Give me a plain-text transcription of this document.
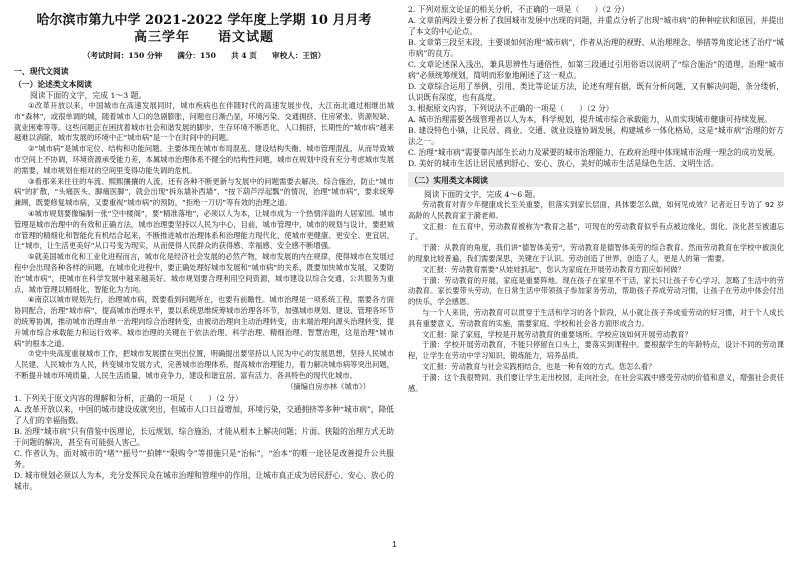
哈尔滨市第九中学 2021-2022 学年度上学期 10 月月考
高三学年　　语文试题
（考试时间：150 分钟　　满分：150　　共 4 页　　审校人：王馆）
一、现代文阅读
（一）论述类文本阅读
阅读下面的文字，完成 1～3 题。

①改革开放以来，中国城市在高速发展同时，城市疾病也在伴随时代的高速发展步伐，大江南北通过相继出城市“森林”，或很单调的城，随着城市人口的急剧膨胀，问题也日渐凸显，环境污染、交通拥挤、住房紧张、资源短缺、就业困难等等。这些问题正在困扰着城市社会和谐发展的脚步，生存环境不断恶化，人口拥挤，长期性的“城市病”越来越难以消除，城市发展的环境中正“城市病”是一个在时间中的问题。

②“城市病”是城市定位、结构和功能问题。主要体现在城市布局混乱、建设结构失衡、城市管理混乱，从而导致城市空间上不协调，环境资源承受能力差，本属城市治理体系不健全的结构性问题，城市在规划中没有充分考虑城市发展的需要，城市规划在相对的空间里变得功能失调的危机。

③看那来来往往的车流、熙熙攘攘的人流，还有各种不断更新与发展中的问题需要去解决。综合施治，防止“城市病”的扩散，“头痛医头、脚痛医脚”，就会出现“拆东墙补西墙”、“按下葫芦浮起瓢”的情况，治理“城市病”，要求统筹兼顾，既要修复城市病，又要重视“城市病”的预防，“拒绝一刀切”等有效的治理之道。

④城市规划要像编制一张“空中楼阁”，要“精准落地”，必须以人为本，让城市成为一个热情洋溢的人居家园。城市管理是城市治理中的有效和正确方法，城市治理要坚持以人民为中心，目前，城市管理中，城市的规划与设计，要把城市管理的精细化和智能化有机结合起来，不断推进城市治理体系和治理能力现代化，使城市更健康、更安全、更宜居，让“城市，让生活更美好”从口号变为现实，从而使得人民群众的获得感、幸福感、安全感不断增强。

⑤就美国城市化和工业化进程而言，城市化是经济社会发展的必然产物，城市发展的内在规律，使得城市在发展过程中会出现各种各样的问题，在城市化进程中，要正确处理好城市发展和“城市病”的关系，既要加快城市发展，又要防治“城市病”，使城市在科学发展中越来越美好。城市规划要合理利用空间资源，城市建设以综合交通、公共服务为重点，城市管理以精细化、智能化为方向。

⑥南京以城市规划先行，治理城市病，既要看到问题所在，也要有前瞻性。城市治理是一项系统工程，需要各方面协同配合，治理“城市病”，提高城市治理水平，要以系统思维统筹城市治理各环节，加强城市规划、建设、管理各环节的统筹协调，推动城市治理由单一治理向综合治理转变，由被动治理向主动治理转变，由末端治理向源头治理转变，提升城市综合承载能力和运行效率。城市治理的关键在于依法治理、科学治理、精细治理、智慧治理，这是治理“城市病”的根本之道。

⑦党中央高度重视城市工作，把城市发展摆在突出位置，明确提出要坚持以人民为中心的发展思想，坚持人民城市人民建、人民城市为人民，转变城市发展方式，完善城市治理体系，提高城市治理能力，着力解决城市病等突出问题，不断提升城市环境质量、人民生活质量、城市竞争力，建设和谐宜居、富有活力、各具特色的现代化城市。

（摘编自房亦林《城市》）

1. 下列关于原文内容的理解和分析，正确的一项是（　　）（2 分）

A. 改革开放以来，中国的城市建设成就突出，但城市人口日益增加，环境污染，交通拥挤等多种“城市病”，降低了人们的幸福指数。

B. 治理“城市病”只有借鉴中医理论，长远规划，综合施治，才能从根本上解决问题；片面、狭隘的治理方式无助于问题的解决，甚至有可能损人害己。

C. 作者认为，面对城市的“堵”“摇号”“拍牌”“限购令”等措施只是“治标”，“治本”的唯一途径是改善提升公共服务。

D. 城市规划必须以人为本，充分发挥民众在城市治理和管理中的作用，让城市真正成为居民舒心、安心、放心的城市。

2. 下列对原文论证的相关分析，不正确的一项是（　　）（2 分）

A. 文章前两段主要分析了我国城市发展中出现的问题，并重点分析了出现“城市病”的种种症状和原因，并提出了本文的中心论点。

B. 文章第三段至末段，主要谈如何治理“城市病”，作者从治理的视野、从治理理念、举措等角度论述了治疗“城市病”的良方。

C. 文章论述深入浅出，兼具思辨性与通俗性，如第三段通过引用俗语以说明了“综合施治”的道理，治理“城市病”必须统筹规划，简明而形象地阐述了这一观点。

D. 文章综合运用了举例、引用、类比等论证方法，论述有理有据，既有分析问题，又有解决问题，条分缕析，认识既有深度，也有高度。

3. 根据原文内容，下列说法不正确的一项是（　　）（2 分）

A. 城市治理需要各级管理者以人为本，科学规划，提升城市综合承载能力，从而实现城市健康可持续发展。

B. 建设特色小镇，让民居、商业、交通、就业设施协调发展，构建城乡一体化格局，这是“城市病”治理的好方法之一。

C. 治理“城市病”需要靠内部生长动力及紧要的城市治理能力，在政府治理中体现城市治理一理念的成功发展。

D. 美好的城市生活让居民感到舒心、安心、放心，美好的城市生活是绿色生活、文明生活。

（二）实用类文本阅读
阅读下面的文字，完成 4～6 题。

劳动教育对青少年健康成长至关重要，但落实到家长层面，具体要怎么做，如何见成效？记者近日专访了 92 岁高龄的人民教育家于漪老师。

文汇报：在五育中，劳动教育被称为“教育之基”，可现在的劳动教育似乎有点被边缘化，弱化、淡化甚至被遗忘了。

于漪：从教育的角度，我们讲“德智体美劳”，劳动教育是德智体美劳的综合教育。然而劳动教育在学校中被淡化的现象比较普遍，我们需要深思，关键在于认识。劳动创造了世界，创造了人，更是人的第一需要。

文汇报：劳动教育需要“从娃娃抓起”，您认为家庭在开展劳动教育方面应如何做？

于漪：劳动教育的开展，家庭是重要阵地。现在孩子在家里不干活，家长只让孩子专心学习，忽略了生活中的劳动教育。家长要带头劳动，在日常生活中带领孩子参加家务劳动，帮助孩子养成劳动习惯，让孩子在劳动中体会付出的快乐，学会感恩。

与一个人来说，劳动教育可以贯穿于生活和学习的各个阶段，从小就让孩子养成爱劳动的好习惯，对于个人成长具有重要意义。劳动教育的实施，需要家庭、学校和社会各方面形成合力。

文汇报：除了家庭，学校是开展劳动教育的重要场所。学校应该如何开展劳动教育？

于漪：学校开展劳动教育，不能只停留在口头上，要落实到课程中。要根据学生的年龄特点，设计不同的劳动课程，让学生在劳动中学习知识，锻炼能力，培养品质。

文汇报：劳动教育与社会实践相结合，也是一种有效的方式。您怎么看？

于漪：这个我很赞同。我们要让学生走出校园，走向社会，在社会实践中感受劳动的价值和意义，增强社会责任感。

1
